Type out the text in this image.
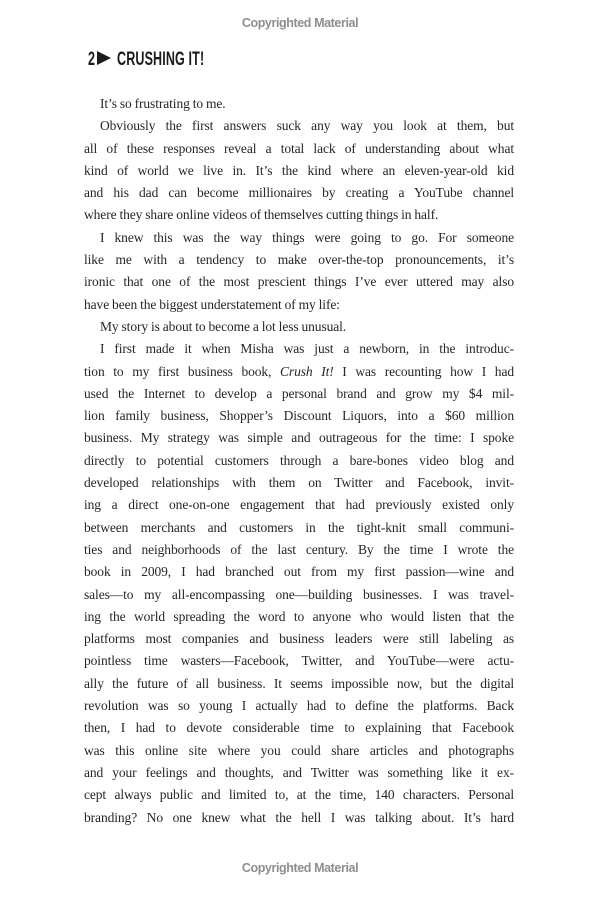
Copyrighted Material
2 CRUSHING IT!
It’s so frustrating to me.
Obviously the first answers suck any way you look at them, but
all of these responses reveal a total lack of understanding about what
kind of world we live in. It’s the kind where an eleven-year-old kid
and his dad can become millionaires by creating a YouTube channel
where they share online videos of themselves cutting things in half.
I knew this was the way things were going to go. For someone
like me with a tendency to make over-the-top pronouncements, it’s
ironic that one of the most prescient things I’ve ever uttered may also
have been the biggest understatement of my life:
My story is about to become a lot less unusual.
I first made it when Misha was just a newborn, in the introduc-
tion to my first business book, Crush It! I was recounting how I had
used the Internet to develop a personal brand and grow my $4 mil-
lion family business, Shopper’s Discount Liquors, into a $60 million
business. My strategy was simple and outrageous for the time: I spoke
directly to potential customers through a bare-bones video blog and
developed relationships with them on Twitter and Facebook, invit-
ing a direct one-on-one engagement that had previously existed only
between merchants and customers in the tight-knit small communi-
ties and neighborhoods of the last century. By the time I wrote the
book in 2009, I had branched out from my first passion—wine and
sales—to my all-encompassing one—building businesses. I was travel-
ing the world spreading the word to anyone who would listen that the
platforms most companies and business leaders were still labeling as
pointless time wasters—Facebook, Twitter, and YouTube—were actu-
ally the future of all business. It seems impossible now, but the digital
revolution was so young I actually had to define the platforms. Back
then, I had to devote considerable time to explaining that Facebook
was this online site where you could share articles and photographs
and your feelings and thoughts, and Twitter was something like it ex-
cept always public and limited to, at the time, 140 characters. Personal
branding? No one knew what the hell I was talking about. It’s hard
Copyrighted Material
